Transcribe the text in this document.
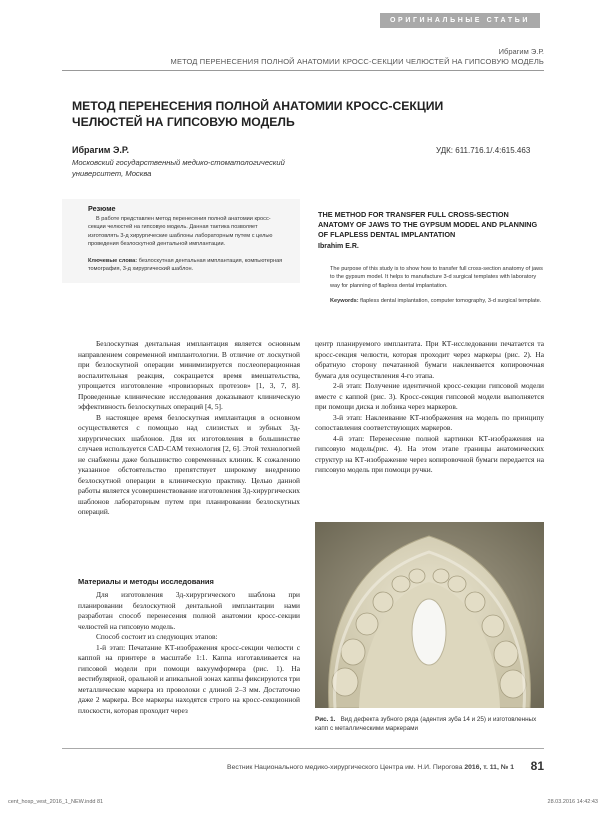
ОРИГИНАЛЬНЫЕ СТАТЬИ
Ибрагим Э.Р.
МЕТОД ПЕРЕНЕСЕНИЯ ПОЛНОЙ АНАТОМИИ КРОСС-СЕКЦИИ ЧЕЛЮСТЕЙ НА ГИПСОВУЮ МОДЕЛЬ
МЕТОД ПЕРЕНЕСЕНИЯ ПОЛНОЙ АНАТОМИИ КРОСС-СЕКЦИИ ЧЕЛЮСТЕЙ НА ГИПСОВУЮ МОДЕЛЬ
Ибрагим Э.Р.	УДК: 611.716.1/.4:615.463
Московский государственный медико-стоматологический университет, Москва
Резюме
В работе представлен метод перенесения полной анатомии кросс-секции челюстей на гипсовую модель. Данная тактика позволяет изготовлять 3-д хирургические шаблоны лабораторным путем с целью проведения безлоскутной дентальной имплантации.
Ключевые слова: безлоскутная дентальная имплантация, компьютерная томография, 3-д хирургический шаблон.
THE METHOD FOR TRANSFER FULL CROSS-SECTION ANATOMY OF JAWS TO THE GYPSUM MODEL AND PLANNING OF FLAPLESS DENTAL IMPLANTATION
Ibrahim E.R.
The purpose of this study is to show how to transfer full cross-section anatomy of jaws to the gypsum model. It helps to manufacture 3-d surgical templates with laboratory way for planning of flapless dental implantation.
Keywords: flapless dental implantation, computer tomography, 3-d surgical template.

Безлоскутная дентальная имплантация является основным направлением современной имплантологии. В отличие от лоскутной при безлоскутной операции минимизируется послеоперационная воспалительная реакция, сокращается время вмешательства, упрощается изготовление «провизорных протезов» [1, 3, 7, 8]. Проведенные клинические исследования доказывают клиническую эффективность безлоскутных операций [4, 5].

В настоящее время безлоскутная имплантация в основном осуществляется с помощью над слизистых и зубных 3д-хирургических шаблонов. Для их изготовления в большинстве случаев используется CAD-CAM технология [2, 6]. Этой технологией не снабжены даже большинство современных клиник. К сожалению указанное обстоятельство препятствует широкому внедрению безлоскутной операции в клиническую практику. Целью данной работы является усовершенствование изготовления 3д-хирургических шаблонов лабораторным путем при планировании безлоскутных операций.

Материалы и методы исследования

Для изготовления 3д-хирургического шаблона при планировании безлоскутной дентальной имплантации нами разработан способ перенесения полной анатомии кросс-секции челюстей на гипсовую модель.

Способ состоит из следующих этапов:

1-й этап: Печатание КТ-изображения кросс-секции челюсти с каппой на принтере в масштабе 1:1. Каппа изготавливается на гипсовой модели при помощи вакуумформера (рис. 1). На вестибулярной, оральной и апикальной зонах каппы фиксируются три металлические маркера из проволоки с длиной 2–3 мм. Достаточно даже 2 маркера. Все маркеры находятся строго на кросс-секционной плоскости, которая проходит через

центр планируемого имплантата. При КТ-исследовании печатается та кросс-секция челюсти, которая проходит через маркеры (рис. 2). На обратную сторону печатанной бумаги наклеивается копировочная бумага для осуществления 4-го этапа.

2-й этап: Получение идентичной кросс-секции гипсовой модели вместе с каппой (рис. 3). Кросс-секция гипсовой модели выполняется при помощи диска и лобзика через маркеров.

3-й этап: Наклеивание КТ-изображения на модель по принципу сопоставления соответствующих маркеров.

4-й этап: Перенесение полной картинки КТ-изображения на гипсовую модель(рис. 4). На этом этапе границы анатомических структур на КТ-изображение через копировочной бумаги передается на гипсовую модель при помощи ручки.

Рис. 1. Вид дефекта зубного ряда (адентия зуба 14 и 25) и изготовленных капп с металлическими маркерами
Вестник Национального медико-хирургического Центра им. Н.И. Пирогова 2016, т. 11, № 1 81
cent_hosp_vest_2016_1_NEW.indd 81	28.03.2016 14:42:43
